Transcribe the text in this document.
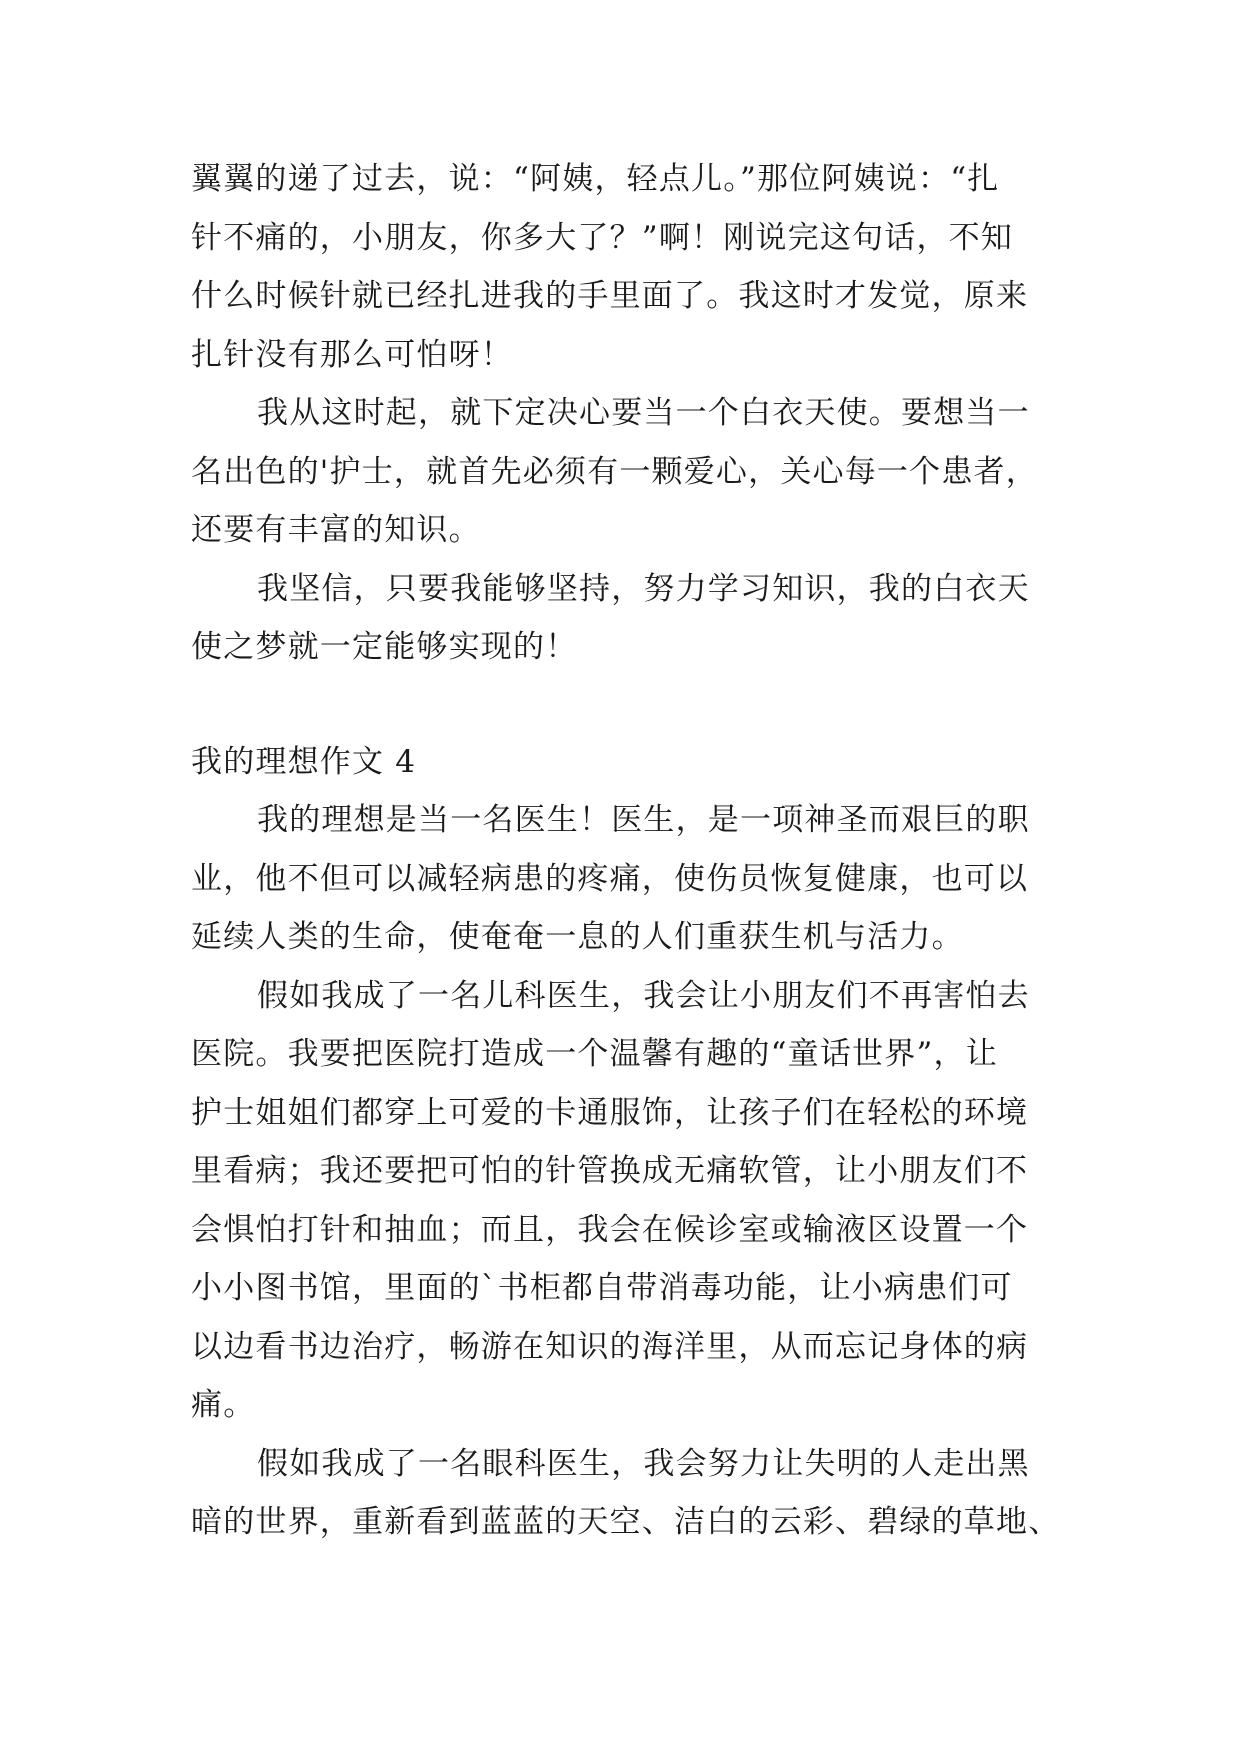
翼翼的递了过去，说：“阿姨，轻点儿。”那位阿姨说：“扎
针不痛的，小朋友，你多大了？”啊！刚说完这句话，不知
什么时候针就已经扎进我的手里面了。我这时才发觉，原来
扎针没有那么可怕呀！
我从这时起，就下定决心要当一个白衣天使。要想当一
名出色的'护士，就首先必须有一颗爱心，关心每一个患者，
还要有丰富的知识。
我坚信，只要我能够坚持，努力学习知识，我的白衣天
使之梦就一定能够实现的！
我的理想作文 4
我的理想是当一名医生！医生，是一项神圣而艰巨的职
业，他不但可以减轻病患的疼痛，使伤员恢复健康，也可以
延续人类的生命，使奄奄一息的人们重获生机与活力。
假如我成了一名儿科医生，我会让小朋友们不再害怕去
医院。我要把医院打造成一个温馨有趣的“童话世界”，让
护士姐姐们都穿上可爱的卡通服饰，让孩子们在轻松的环境
里看病；我还要把可怕的针管换成无痛软管，让小朋友们不
会惧怕打针和抽血；而且，我会在候诊室或输液区设置一个
小小图书馆，里面的`书柜都自带消毒功能，让小病患们可
以边看书边治疗，畅游在知识的海洋里，从而忘记身体的病
痛。
假如我成了一名眼科医生，我会努力让失明的人走出黑
暗的世界，重新看到蓝蓝的天空、洁白的云彩、碧绿的草地、
